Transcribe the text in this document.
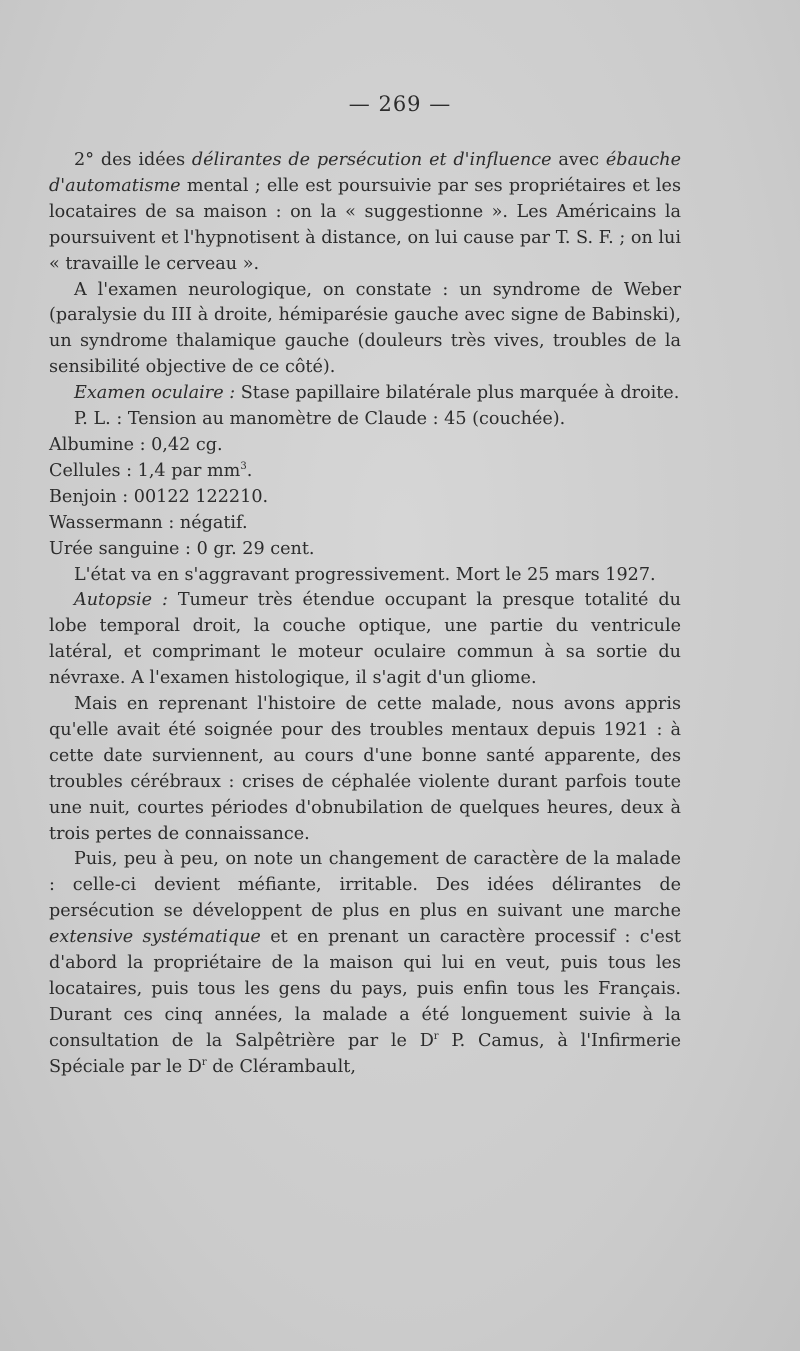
— 269 —

2° des idées délirantes de persécution et d'influence avec ébauche d'automatisme mental ; elle est poursuivie par ses propriétaires et les locataires de sa maison : on la « suggestionne ». Les Américains la poursuivent et l'hypnotisent à distance, on lui cause par T. S. F. ; on lui « travaille le cerveau ».

A l'examen neurologique, on constate : un syndrome de Weber (paralysie du III à droite, hémiparésie gauche avec signe de Babinski), un syndrome thalamique gauche (douleurs très vives, troubles de la sensibilité objective de ce côté).

Examen oculaire : Stase papillaire bilatérale plus marquée à droite.

P. L. : Tension au manomètre de Claude : 45 (couchée).

Albumine : 0,42 cg.

Cellules : 1,4 par $mm^3$.

Benjoin : 00122 122210.

Wassermann : négatif.

Urée sanguine : 0 gr. 29 cent.

L'état va en s'aggravant progressivement. Mort le 25 mars 1927.

Autopsie : Tumeur très étendue occupant la presque totalité du lobe temporal droit, la couche optique, une partie du ventricule latéral, et comprimant le moteur oculaire commun à sa sortie du névraxe. A l'examen histologique, il s'agit d'un gliome.

Mais en reprenant l'histoire de cette malade, nous avons appris qu'elle avait été soignée pour des troubles mentaux depuis 1921 : à cette date surviennent, au cours d'une bonne santé apparente, des troubles cérébraux : crises de céphalée violente durant parfois toute une nuit, courtes périodes d'obnubilation de quelques heures, deux à trois pertes de connaissance.

Puis, peu à peu, on note un changement de caractère de la malade : celle-ci devient méfiante, irritable. Des idées délirantes de persécution se développent de plus en plus en suivant une marche extensive systématique et en prenant un caractère processif : c'est d'abord la propriétaire de la maison qui lui en veut, puis tous les locataires, puis tous les gens du pays, puis enfin tous les Français. Durant ces cinq années, la malade a été longuement suivie à la consultation de la Salpêtrière par le $D^r$ P. Camus, à l'Infirmerie Spéciale par le $D^r$ de Clérambault,
